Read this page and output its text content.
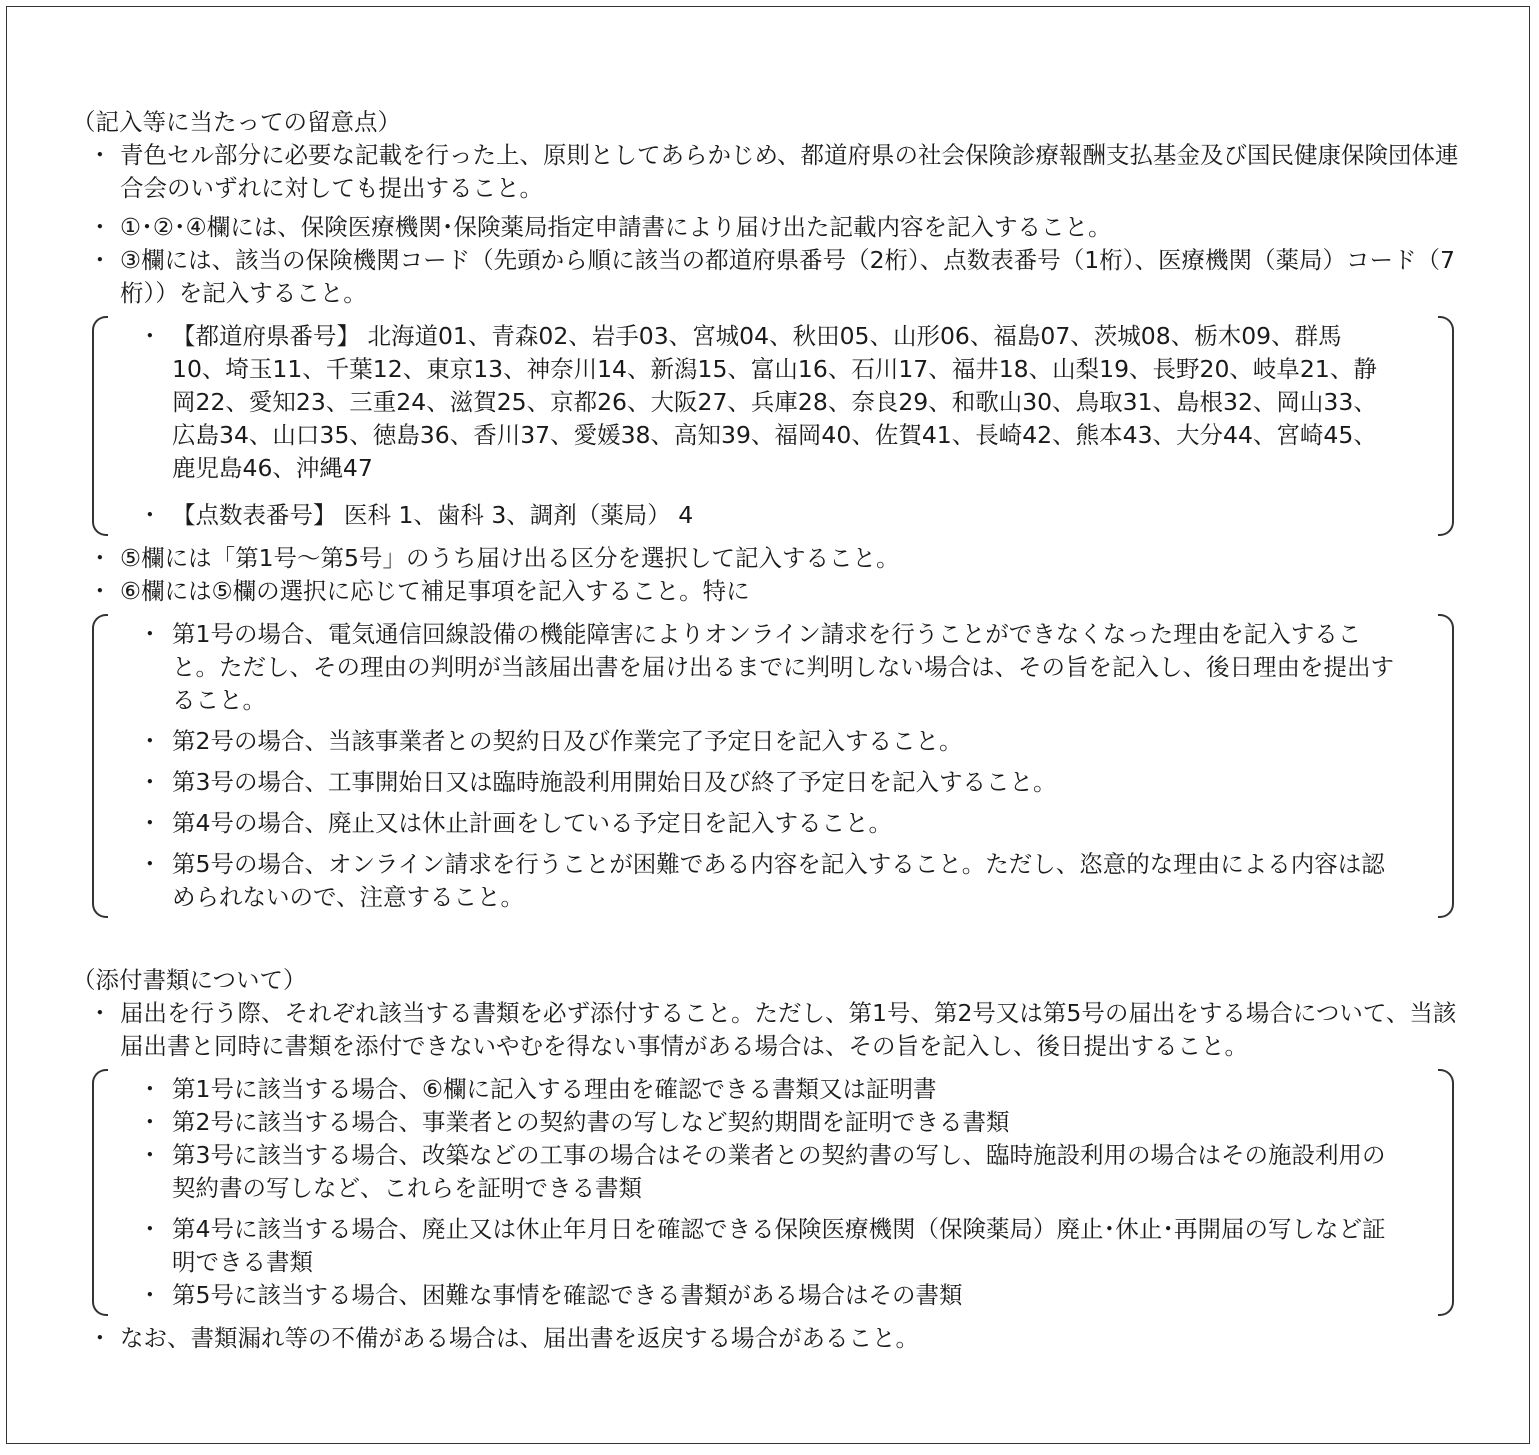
（記入等に当たっての留意点）

･ 青色セル部分に必要な記載を行った上、原則としてあらかじめ、都道府県の社会保険診療報酬支払基金及び国民健康保険団体連合会のいずれに対しても提出すること。
･ ①･②･④欄には、保険医療機関･保険薬局指定申請書により届け出た記載内容を記入すること。
･ ③欄には、該当の保険機関コード（先頭から順に該当の都道府県番号（2桁）、点数表番号（1桁）、医療機関（薬局）コード（7桁））を記入すること。
･ 【都道府県番号】 北海道01、青森02、岩手03、宮城04、秋田05、山形06、福島07、茨城08、栃木09、群馬10、埼玉11、千葉12、東京13、神奈川14、新潟15、富山16、石川17、福井18、山梨19、長野20、岐阜21、静岡22、愛知23、三重24、滋賀25、京都26、大阪27、兵庫28、奈良29、和歌山30、鳥取31、島根32、岡山33、広島34、山口35、徳島36、香川37、愛媛38、高知39、福岡40、佐賀41、長崎42、熊本43、大分44、宮崎45、鹿児島46、沖縄47
･ 【点数表番号】 医科 1、歯科 3、調剤（薬局） 4
･ ⑤欄には「第1号～第5号」のうち届け出る区分を選択して記入すること。
･ ⑥欄には⑤欄の選択に応じて補足事項を記入すること。特に
･ 第1号の場合、電気通信回線設備の機能障害によりオンライン請求を行うことができなくなった理由を記入すること。ただし、その理由の判明が当該届出書を届け出るまでに判明しない場合は、その旨を記入し、後日理由を提出すること。
･ 第2号の場合、当該事業者との契約日及び作業完了予定日を記入すること。
･ 第3号の場合、工事開始日又は臨時施設利用開始日及び終了予定日を記入すること。
･ 第4号の場合、廃止又は休止計画をしている予定日を記入すること。
･ 第5号の場合、オンライン請求を行うことが困難である内容を記入すること。ただし、恣意的な理由による内容は認められないので、注意すること。

（添付書類について）

･ 届出を行う際、それぞれ該当する書類を必ず添付すること。ただし、第1号、第2号又は第5号の届出をする場合について、当該届出書と同時に書類を添付できないやむを得ない事情がある場合は、その旨を記入し、後日提出すること。
･ 第1号に該当する場合、⑥欄に記入する理由を確認できる書類又は証明書
･ 第2号に該当する場合、事業者との契約書の写しなど契約期間を証明できる書類
･ 第3号に該当する場合、改築などの工事の場合はその業者との契約書の写し、臨時施設利用の場合はその施設利用の契約書の写しなど、これらを証明できる書類
･ 第4号に該当する場合、廃止又は休止年月日を確認できる保険医療機関（保険薬局）廃止･休止･再開届の写しなど証明できる書類
･ 第5号に該当する場合、困難な事情を確認できる書類がある場合はその書類
･ なお、書類漏れ等の不備がある場合は、届出書を返戻する場合があること。
